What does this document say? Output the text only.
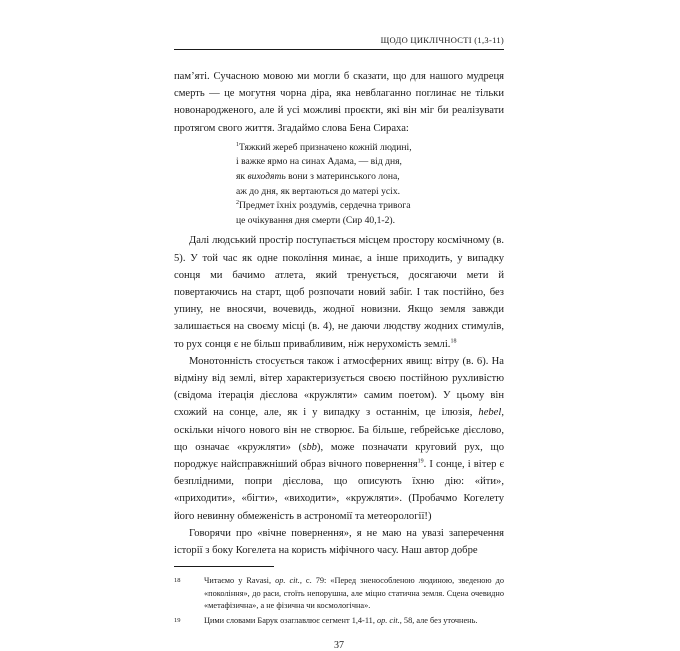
ЩОДО ЦИКЛІЧНОСТІ (1,3-11)

пам’яті. Сучасною мовою ми могли б сказати, що для нашого мудреця смерть — це могутня чорна діра, яка невблаганно поглинає не тільки новонародженого, але й усі можливі проєкти, які він міг би реалізувати протягом свого життя. Згадаймо слова Бена Сираха:

$^1$Тяжкий жереб призначено кожній людині,
і важке ярмо на синах Адама, — від дня,
як виходять вони з материнського лона,
аж до дня, як вертаються до матері усіх.
$^2$Предмет їхніх роздумів, сердечна тривога
це очікування дня смерти (Сир 40,1-2).

Далі людський простір поступається місцем простору космічному (в. 5). У той час як одне покоління минає, а інше приходить, у випадку сонця ми бачимо атлета, який тренується, досягаючи мети й повертаючись на старт, щоб розпочати новий забіг. І так постійно, без упину, не вносячи, вочевидь, жодної новизни. Якщо земля завжди залишається на своєму місці (в. 4), не даючи людству жодних стимулів, то рух сонця є не більш привабливим, ніж нерухомість землі.$^{18}$

Монотонність стосується також і атмосферних явищ: вітру (в. 6). На відміну від землі, вітер характеризується своєю постійною рухливістю (свідома ітерація дієслова «кружляти» самим поетом). У цьому він схожий на сонце, але, як і у випадку з останнім, це ілюзія, hebel, оскільки нічого нового він не створює. Ба більше, гебрейське дієслово, що означає «кружляти» (sbb), може позначати круговий рух, що породжує найсправжніший образ вічного повернення$^{19}$. І сонце, і вітер є безплідними, попри дієслова, що описують їхню дію: «йти», «приходити», «бігти», «виходити», «кружляти». (Пробачмо Когелету його невинну обмеженість в астрономії та метеорології!)

Говорячи про «вічне повернення», я не маю на увазі заперечення історії з боку Когелета на користь міфічного часу. Наш автор добре

18	Читаємо у Ravasi, op. cit., с. 79: «Перед зненособленою людиною, зведеною до «покоління», до раси, стоїть непорушна, але міцно статична земля. Сцена очевидно «метафізична», а не фізична чи космологічна».
19	Цими словами Барук озаглавлює сегмент 1,4-11, op. cit., 58, але без уточнень.
37
